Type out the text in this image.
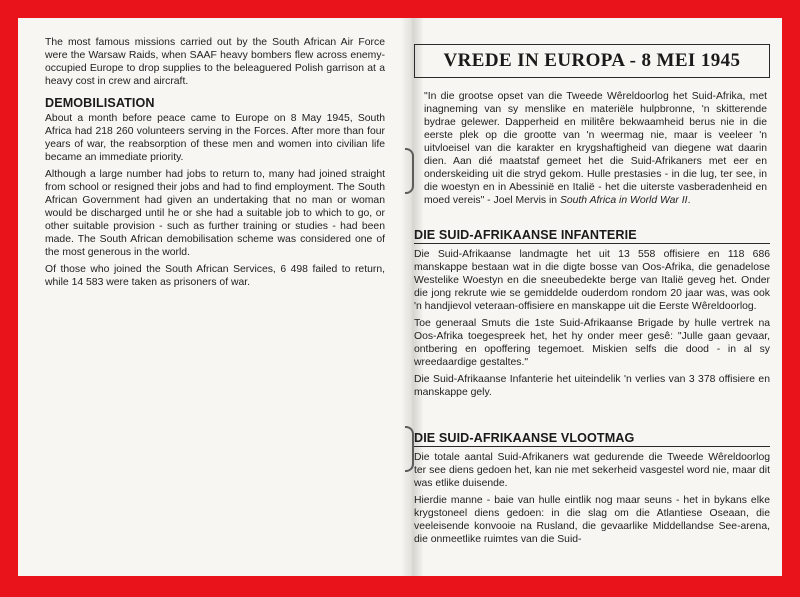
The most famous missions carried out by the South African Air Force were the Warsaw Raids, when SAAF heavy bombers flew across enemy-occupied Europe to drop supplies to the beleaguered Polish garrison at a heavy cost in crew and aircraft.

DEMOBILISATION

About a month before peace came to Europe on 8 May 1945, South Africa had 218 260 volunteers serving in the Forces. After more than four years of war, the reabsorption of these men and women into civilian life became an immediate priority.

Although a large number had jobs to return to, many had joined straight from school or resigned their jobs and had to find employment. The South African Government had given an undertaking that no man or woman would be discharged until he or she had a suitable job to which to go, or other suitable provision - such as further training or studies - had been made. The South African demobilisation scheme was considered one of the most generous in the world.

Of those who joined the South African Services, 6 498 failed to return, while 14 583 were taken as prisoners of war.

VREDE IN EUROPA - 8 MEI 1945

"In die grootse opset van die Tweede Wêreldoorlog het Suid-Afrika, met inagneming van sy menslike en materiële hulpbronne, 'n skitterende bydrae gelewer. Dapperheid en militêre bekwaamheid berus nie in die eerste plek op die grootte van 'n weermag nie, maar is veeleer 'n uitvloeisel van die karakter en krygshaftigheid van diegene wat daarin dien. Aan dié maatstaf gemeet het die Suid-Afrikaners met eer en onderskeiding uit die stryd gekom. Hulle prestasies - in die lug, ter see, in die woestyn en in Abessinië en Italië - het die uiterste vasberadenheid en moed vereis" - Joel Mervis in South Africa in World War II.

DIE SUID-AFRIKAANSE INFANTERIE

Die Suid-Afrikaanse landmagte het uit 13 558 offisiere en 118 686 manskappe bestaan wat in die digte bosse van Oos-Afrika, die genadelose Westelike Woestyn en die sneeubedekte berge van Italië geveg het. Onder die jong rekrute wie se gemiddelde ouderdom rondom 20 jaar was, was ook 'n handjievol veteraan-offisiere en manskappe uit die Eerste Wêreldoorlog.

Toe generaal Smuts die 1ste Suid-Afrikaanse Brigade by hulle vertrek na Oos-Afrika toegespreek het, het hy onder meer gesê: "Julle gaan gevaar, ontbering en opoffering tegemoet. Miskien selfs die dood - in al sy wreedaardige gestaltes."

Die Suid-Afrikaanse Infanterie het uiteindelik 'n verlies van 3 378 offisiere en manskappe gely.

DIE SUID-AFRIKAANSE VLOOTMAG

Die totale aantal Suid-Afrikaners wat gedurende die Tweede Wêreldoorlog ter see diens gedoen het, kan nie met sekerheid vasgestel word nie, maar dit was etlike duisende.

Hierdie manne - baie van hulle eintlik nog maar seuns - het in bykans elke krygstoneel diens gedoen: in die slag om die Atlantiese Oseaan, die veeleisende konvooie na Rusland, die gevaarlike Middellandse See-arena, die onmeetlike ruimtes van die Suid-
